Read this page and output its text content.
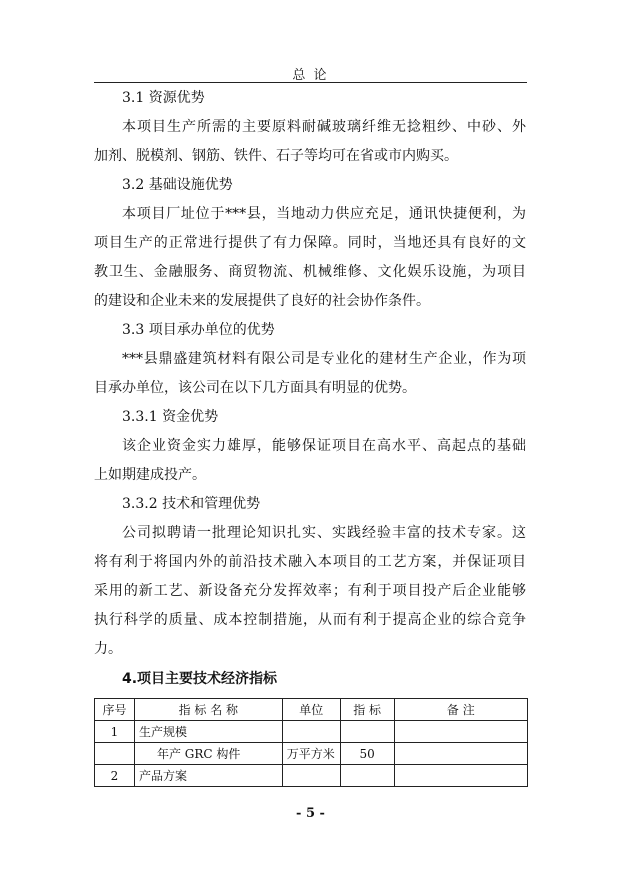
总 论
3.1 资源优势
本项目生产所需的主要原料耐碱玻璃纤维无捻粗纱、中砂、外
加剂、脱模剂、钢筋、铁件、石子等均可在省或市内购买。
3.2 基础设施优势
本项目厂址位于***县，当地动力供应充足，通讯快捷便利，为
项目生产的正常进行提供了有力保障。同时，当地还具有良好的文
教卫生、金融服务、商贸物流、机械维修、文化娱乐设施，为项目
的建设和企业未来的发展提供了良好的社会协作条件。
3.3 项目承办单位的优势
***县鼎盛建筑材料有限公司是专业化的建材生产企业，作为项
目承办单位，该公司在以下几方面具有明显的优势。
3.3.1 资金优势
该企业资金实力雄厚，能够保证项目在高水平、高起点的基础
上如期建成投产。
3.3.2 技术和管理优势
公司拟聘请一批理论知识扎实、实践经验丰富的技术专家。这
将有利于将国内外的前沿技术融入本项目的工艺方案，并保证项目
采用的新工艺、新设备充分发挥效率；有利于项目投产后企业能够
执行科学的质量、成本控制措施，从而有利于提高企业的综合竞争
力。
4.项目主要技术经济指标
序号	指 标 名 称	单位	指 标	备 注
1	生产规模			
	年产 GRC 构件	万平方米	50	
2	产品方案			
- 5 -
